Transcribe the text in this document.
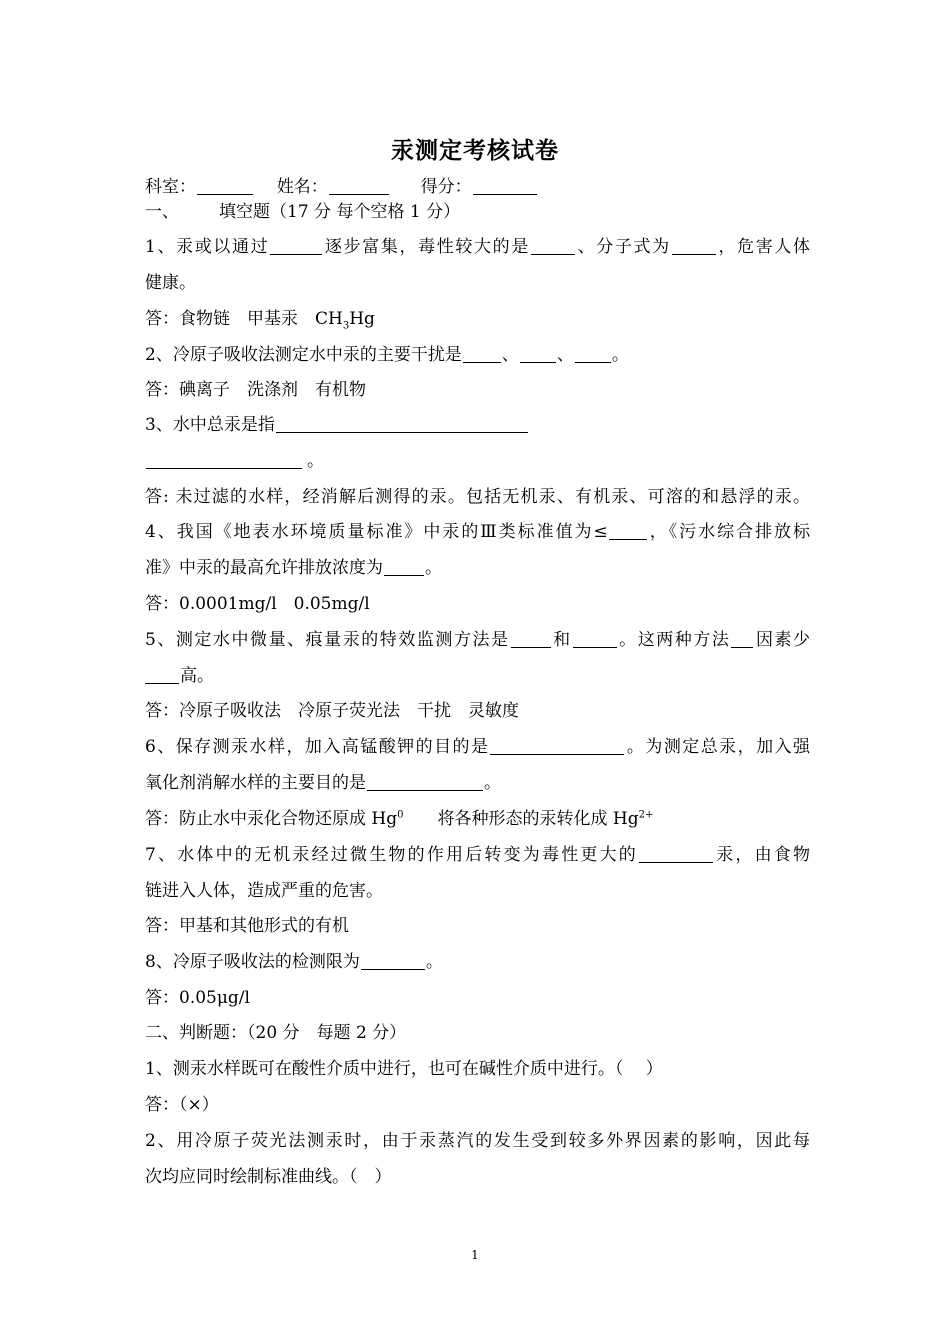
汞测定考核试卷
科室：	姓名：	得分：
一、 填空题（17 分 每个空格 1 分）
1、汞或以通过	逐步富集，毒性较大的是	、分子式为	，危害人体
健康。
答：食物链　甲基汞　$CH_3Hg$
2、冷原子吸收法测定水中汞的主要干扰是 、 、 。
答：碘离子　洗涤剂　有机物
3、水中总汞是指
。
答: 未过滤的水样，经消解后测得的汞。包括无机汞、有机汞、可溶的和悬浮的汞。
4、我国《地表水环境质量标准》中汞的Ⅲ类标准值为≤ ，《污水综合排放标
准》中汞的最高允许排放浓度为 。
答：0.0001mg/l　0.05mg/l
5、测定水中微量、痕量汞的特效监测方法是 和	。这两种方法 因素少
高。
答：冷原子吸收法　冷原子荧光法　干扰　灵敏度
6、保存测汞水样，加入高锰酸钾的目的是	。为测定总汞，加入强
氧化剂消解水样的主要目的是	。
答：防止水中汞化合物还原成 Hg$^0$　　将各种形态的汞转化成 $Hg^{2+}$
7、水体中的无机汞经过微生物的作用后转变为毒性更大的	汞，由食物
链进入人体，造成严重的危害。
答：甲基和其他形式的有机
8、冷原子吸收法的检测限为	。
答：0.05μg/l
二、判断题：（20 分　每题 2 分）
1、测汞水样既可在酸性介质中进行，也可在碱性介质中进行。（　 ）
答：（×）
2、用冷原子荧光法测汞时，由于汞蒸汽的发生受到较多外界因素的影响，因此每
次均应同时绘制标准曲线。（　）
1
